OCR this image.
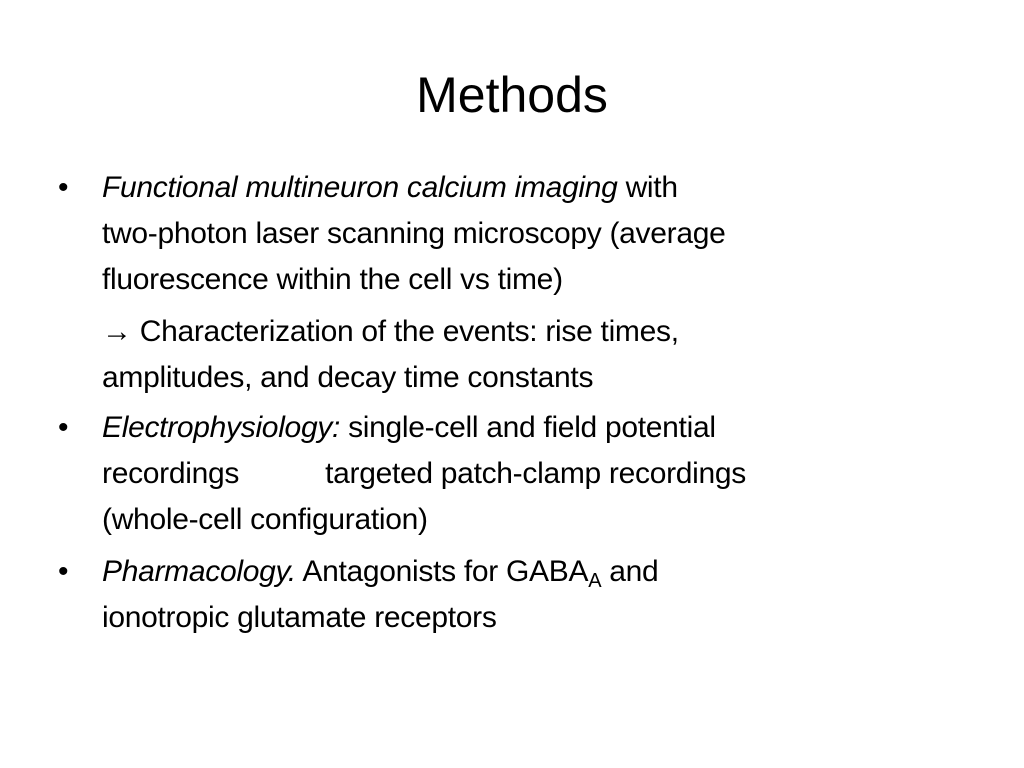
Methods
•	Functional multineuron calcium imaging with
two-photon laser scanning microscopy (average
fluorescence within the cell vs time)
→ Characterization of the events: rise times,
amplitudes, and decay time constants
•	Electrophysiology: single-cell and field potential
recordings	targeted patch-clamp recordings
(whole-cell configuration)
•	Pharmacology. Antagonists for $GABA_A$ and
ionotropic glutamate receptors
